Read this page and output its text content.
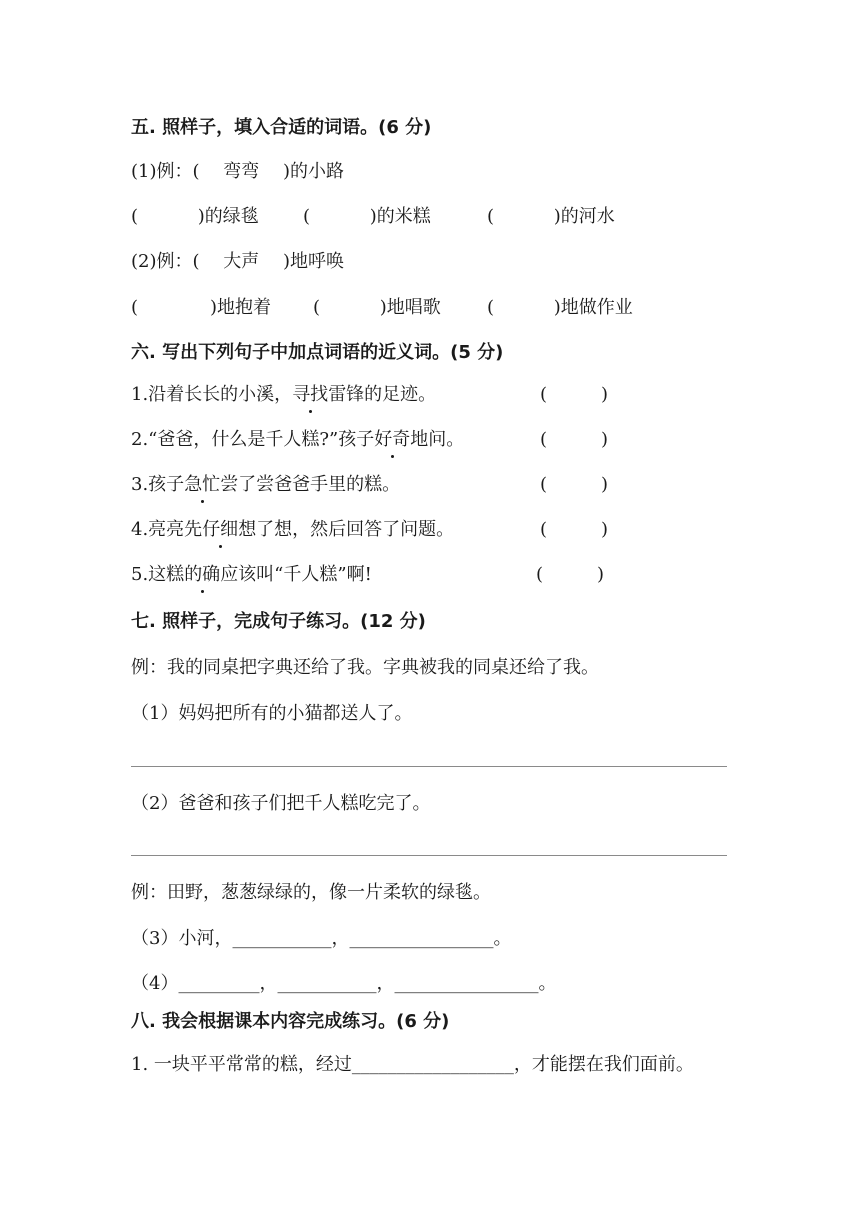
五. 照样子，填入合适的词语。(6 分)
(1)例：(　 弯弯 　)的小路
(　　　 )的绿毯 (　　　 )的米糕	(　　　 )的河水
(2)例：(　 大声 　)地呼唤
(　　　　)地抱着 (　　　 )地唱歌	(　　　 )地做作业
六. 写出下列句子中加点词语的近义词。(5 分)
1.沿着长长的小溪，寻找雷锋的足迹。	(　　　)
2.“爸爸，什么是千人糕?”孩子好奇地问。	(　　　)
3.孩子急忙尝了尝爸爸手里的糕。	(　　　)
4.亮亮先仔细想了想，然后回答了问题。	(　　　)
5.这糕的确应该叫“千人糕”啊!	(　　　)
七. 照样子，完成句子练习。(12 分)
例：我的同桌把字典还给了我。字典被我的同桌还给了我。
（1）妈妈把所有的小猫都送人了。
（2）爸爸和孩子们把千人糕吃完了。
例：田野，葱葱绿绿的，像一片柔软的绿毯。
（3）小河，___________，________________。
（4）_________，___________，________________。
八. 我会根据课本内容完成练习。(6 分)
1. 一块平平常常的糕，经过__________________，才能摆在我们面前。
